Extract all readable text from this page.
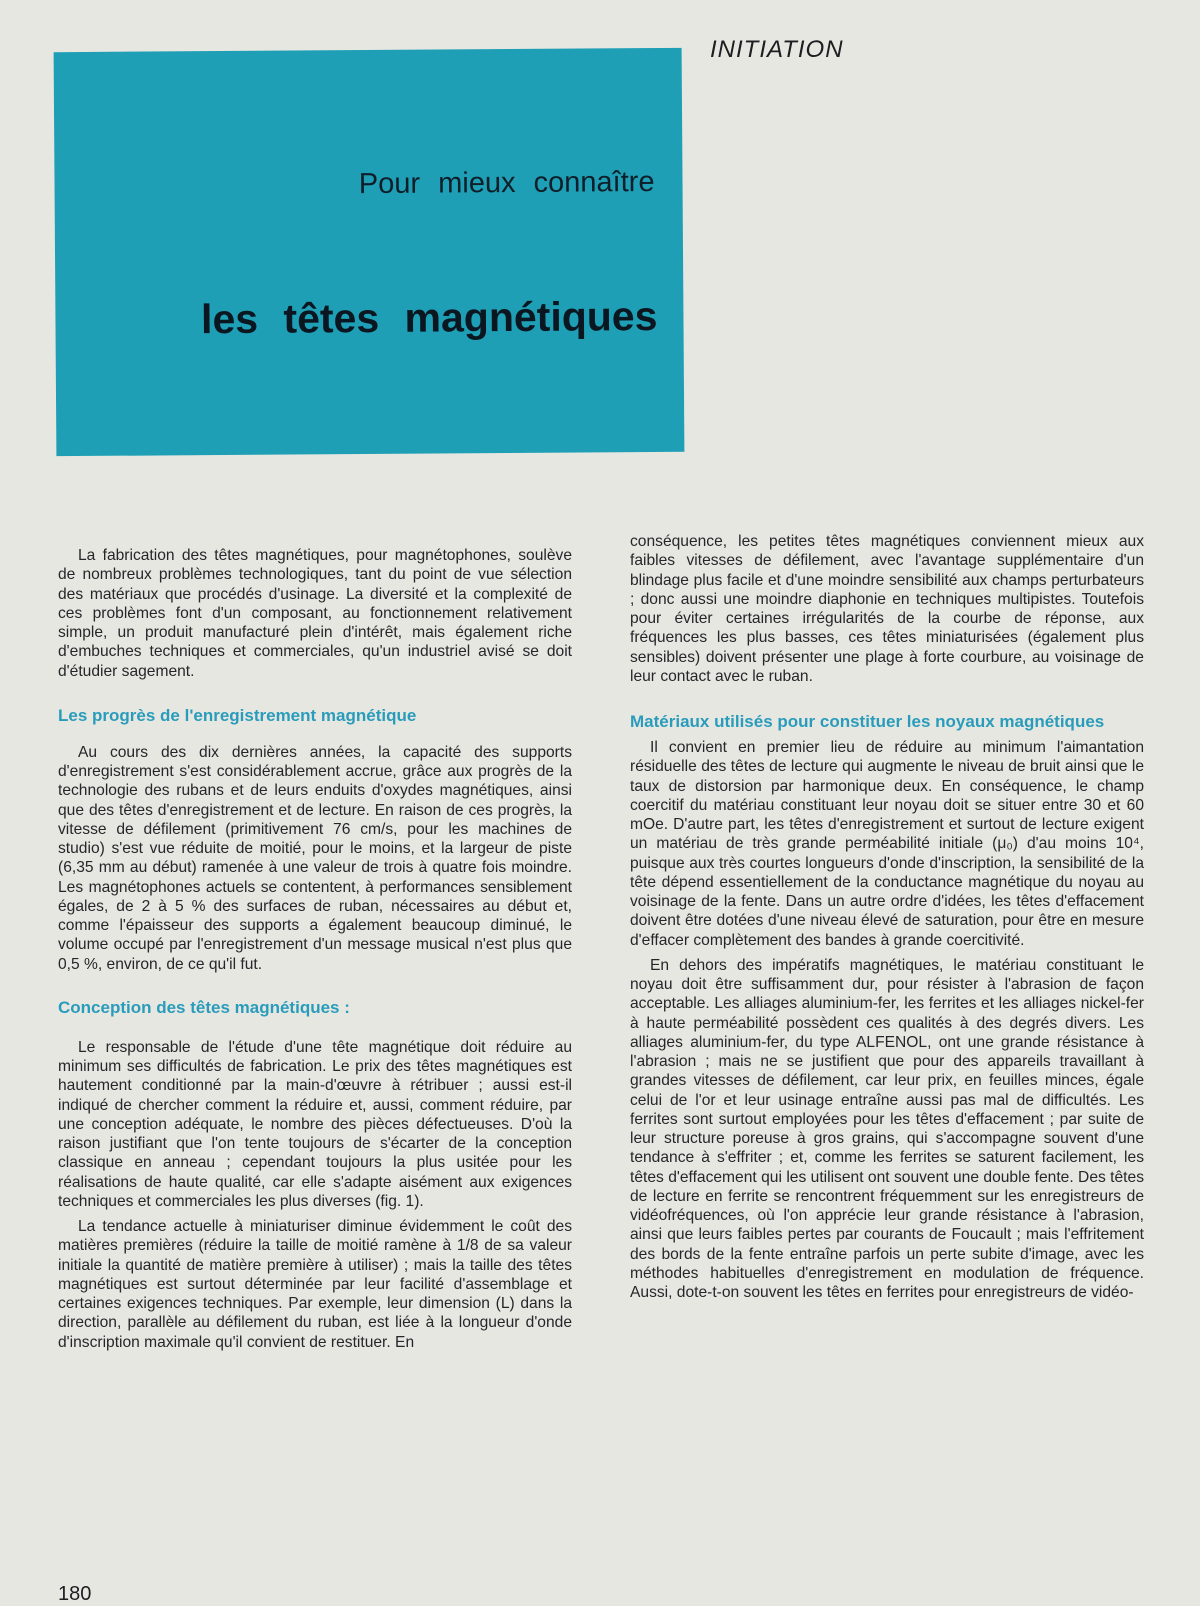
INITIATION
Pour mieux connaître
les têtes magnétiques

La fabrication des têtes magnétiques, pour magnétophones, soulève de nombreux problèmes technologiques, tant du point de vue sélection des matériaux que procédés d'usinage. La diversité et la complexité de ces problèmes font d'un composant, au fonctionnement relativement simple, un produit manufacturé plein d'intérêt, mais également riche d'embuches techniques et commerciales, qu'un industriel avisé se doit d'étudier sagement.

Les progrès de l'enregistrement magnétique

Au cours des dix dernières années, la capacité des supports d'enregistrement s'est considérablement accrue, grâce aux progrès de la technologie des rubans et de leurs enduits d'oxydes magnétiques, ainsi que des têtes d'enregistrement et de lecture. En raison de ces progrès, la vitesse de défilement (primitivement 76 cm/s, pour les machines de studio) s'est vue réduite de moitié, pour le moins, et la largeur de piste (6,35 mm au début) ramenée à une valeur de trois à quatre fois moindre. Les magnétophones actuels se contentent, à performances sensiblement égales, de 2 à 5 % des surfaces de ruban, nécessaires au début et, comme l'épaisseur des supports a également beaucoup diminué, le volume occupé par l'enregistrement d'un message musical n'est plus que 0,5 %, environ, de ce qu'il fut.

Conception des têtes magnétiques :

Le responsable de l'étude d'une tête magnétique doit réduire au minimum ses difficultés de fabrication. Le prix des têtes magnétiques est hautement conditionné par la main-d'œuvre à rétribuer ; aussi est-il indiqué de chercher comment la réduire et, aussi, comment réduire, par une conception adéquate, le nombre des pièces défectueuses. D'où la raison justifiant que l'on tente toujours de s'écarter de la conception classique en anneau ; cependant toujours la plus usitée pour les réalisations de haute qualité, car elle s'adapte aisément aux exigences techniques et commerciales les plus diverses (fig. 1).

La tendance actuelle à miniaturiser diminue évidemment le coût des matières premières (réduire la taille de moitié ramène à 1/8 de sa valeur initiale la quantité de matière première à utiliser) ; mais la taille des têtes magnétiques est surtout déterminée par leur facilité d'assemblage et certaines exigences techniques. Par exemple, leur dimension (L) dans la direction, parallèle au défilement du ruban, est liée à la longueur d'onde d'inscription maximale qu'il convient de restituer. En

conséquence, les petites têtes magnétiques conviennent mieux aux faibles vitesses de défilement, avec l'avantage supplémentaire d'un blindage plus facile et d'une moindre sensibilité aux champs perturbateurs ; donc aussi une moindre diaphonie en techniques multipistes. Toutefois pour éviter certaines irrégularités de la courbe de réponse, aux fréquences les plus basses, ces têtes miniaturisées (également plus sensibles) doivent présenter une plage à forte courbure, au voisinage de leur contact avec le ruban.

Matériaux utilisés pour constituer les noyaux magnétiques

Il convient en premier lieu de réduire au minimum l'aimantation résiduelle des têtes de lecture qui augmente le niveau de bruit ainsi que le taux de distorsion par harmonique deux. En conséquence, le champ coercitif du matériau constituant leur noyau doit se situer entre 30 et 60 mOe. D'autre part, les têtes d'enregistrement et surtout de lecture exigent un matériau de très grande perméabilité initiale (μ₀) d'au moins 10⁴, puisque aux très courtes longueurs d'onde d'inscription, la sensibilité de la tête dépend essentiellement de la conductance magnétique du noyau au voisinage de la fente. Dans un autre ordre d'idées, les têtes d'effacement doivent être dotées d'une niveau élevé de saturation, pour être en mesure d'effacer complètement des bandes à grande coercitivité.

En dehors des impératifs magnétiques, le matériau constituant le noyau doit être suffisamment dur, pour résister à l'abrasion de façon acceptable. Les alliages aluminium-fer, les ferrites et les alliages nickel-fer à haute perméabilité possèdent ces qualités à des degrés divers. Les alliages aluminium-fer, du type ALFENOL, ont une grande résistance à l'abrasion ; mais ne se justifient que pour des appareils travaillant à grandes vitesses de défilement, car leur prix, en feuilles minces, égale celui de l'or et leur usinage entraîne aussi pas mal de difficultés. Les ferrites sont surtout employées pour les têtes d'effacement ; par suite de leur structure poreuse à gros grains, qui s'accompagne souvent d'une tendance à s'effriter ; et, comme les ferrites se saturent facilement, les têtes d'effacement qui les utilisent ont souvent une double fente. Des têtes de lecture en ferrite se rencontrent fréquemment sur les enregistreurs de vidéofréquences, où l'on apprécie leur grande résistance à l'abrasion, ainsi que leurs faibles pertes par courants de Foucault ; mais l'effritement des bords de la fente entraîne parfois un perte subite d'image, avec les méthodes habituelles d'enregistrement en modulation de fréquence. Aussi, dote-t-on souvent les têtes en ferrites pour enregistreurs de vidéo-

180
